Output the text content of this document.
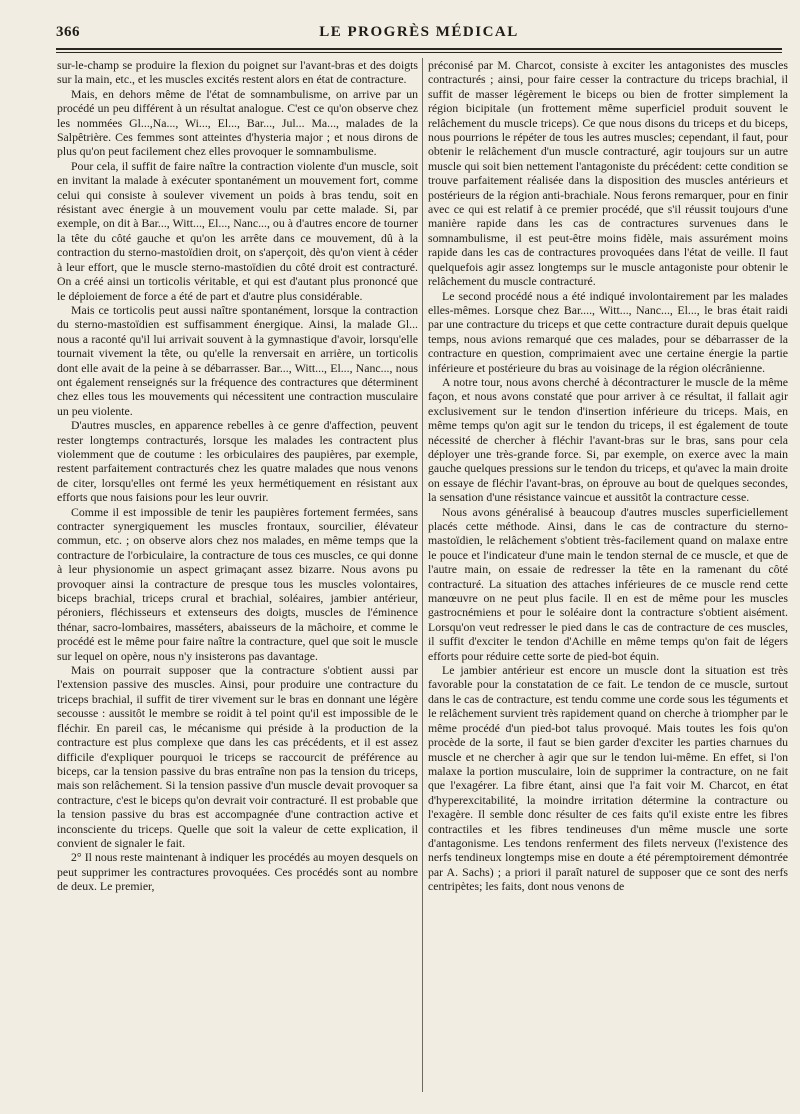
366	LE PROGRÈS MÉDICAL

sur-le-champ se produire la flexion du poignet sur l'avant-bras et des doigts sur la main, etc., et les muscles excités restent alors en état de contracture.

Mais, en dehors même de l'état de somnambulisme, on arrive par un procédé un peu différent à un résultat analogue. C'est ce qu'on observe chez les nommées Gl...,Na..., Wi..., El..., Bar..., Jul... Ma..., malades de la Salpêtrière. Ces femmes sont atteintes d'hysteria major ; et nous dirons de plus qu'on peut facilement chez elles provoquer le somnambulisme.

Pour cela, il suffit de faire naître la contraction violente d'un muscle, soit en invitant la malade à exécuter spontanément un mouvement fort, comme celui qui consiste à soulever vivement un poids à bras tendu, soit en résistant avec énergie à un mouvement voulu par cette malade. Si, par exemple, on dit à Bar..., Witt..., El..., Nanc..., ou à d'autres encore de tourner la tête du côté gauche et qu'on les arrête dans ce mouvement, dû à la contraction du sterno-mastoïdien droit, on s'aperçoit, dès qu'on vient à céder à leur effort, que le muscle sterno-mastoïdien du côté droit est contracturé. On a créé ainsi un torticolis véritable, et qui est d'autant plus prononcé que le déploiement de force a été de part et d'autre plus considérable.

Mais ce torticolis peut aussi naître spontanément, lorsque la contraction du sterno-mastoïdien est suffisamment énergique. Ainsi, la malade Gl... nous a raconté qu'il lui arrivait souvent à la gymnastique d'avoir, lorsqu'elle tournait vivement la tête, ou qu'elle la renversait en arrière, un torticolis dont elle avait de la peine à se débarrasser. Bar..., Witt..., El..., Nanc..., nous ont également renseignés sur la fréquence des contractures que déterminent chez elles tous les mouvements qui nécessitent une contraction musculaire un peu violente.

D'autres muscles, en apparence rebelles à ce genre d'affection, peuvent rester longtemps contracturés, lorsque les malades les contractent plus violemment que de coutume : les orbiculaires des paupières, par exemple, restent parfaitement contracturés chez les quatre malades que nous venons de citer, lorsqu'elles ont fermé les yeux hermétiquement en résistant aux efforts que nous faisions pour les leur ouvrir.

Comme il est impossible de tenir les paupières fortement fermées, sans contracter synergiquement les muscles frontaux, sourcilier, élévateur commun, etc. ; on observe alors chez nos malades, en même temps que la contracture de l'orbiculaire, la contracture de tous ces muscles, ce qui donne à leur physionomie un aspect grimaçant assez bizarre. Nous avons pu provoquer ainsi la contracture de presque tous les muscles volontaires, biceps brachial, triceps crural et brachial, soléaires, jambier antérieur, péroniers, fléchisseurs et extenseurs des doigts, muscles de l'éminence thénar, sacro-lombaires, masséters, abaisseurs de la mâchoire, et comme le procédé est le même pour faire naître la contracture, quel que soit le muscle sur lequel on opère, nous n'y insisterons pas davantage.

Mais on pourrait supposer que la contracture s'obtient aussi par l'extension passive des muscles. Ainsi, pour produire une contracture du triceps brachial, il suffit de tirer vivement sur le bras en donnant une légère secousse : aussitôt le membre se roidit à tel point qu'il est impossible de le fléchir. En pareil cas, le mécanisme qui préside à la production de la contracture est plus complexe que dans les cas précédents, et il est assez difficile d'expliquer pourquoi le triceps se raccourcit de préférence au biceps, car la tension passive du bras entraîne non pas la tension du triceps, mais son relâchement. Si la tension passive d'un muscle devait provoquer sa contracture, c'est le biceps qu'on devrait voir contracturé. Il est probable que la tension passive du bras est accompagnée d'une contraction active et inconsciente du triceps. Quelle que soit la valeur de cette explication, il convient de signaler le fait.

2° Il nous reste maintenant à indiquer les procédés au moyen desquels on peut supprimer les contractures provoquées. Ces procédés sont au nombre de deux. Le premier,

préconisé par M. Charcot, consiste à exciter les antagonistes des muscles contracturés ; ainsi, pour faire cesser la contracture du triceps brachial, il suffit de masser légèrement le biceps ou bien de frotter simplement la région bicipitale (un frottement même superficiel produit souvent le relâchement du muscle triceps). Ce que nous disons du triceps et du biceps, nous pourrions le répéter de tous les autres muscles; cependant, il faut, pour obtenir le relâchement d'un muscle contracturé, agir toujours sur un autre muscle qui soit bien nettement l'antagoniste du précédent: cette condition se trouve parfaitement réalisée dans la disposition des muscles antérieurs et postérieurs de la région anti-brachiale. Nous ferons remarquer, pour en finir avec ce qui est relatif à ce premier procédé, que s'il réussit toujours d'une manière rapide dans les cas de contractures survenues dans le somnambulisme, il est peut-être moins fidèle, mais assurément moins rapide dans les cas de contractures provoquées dans l'état de veille. Il faut quelquefois agir assez longtemps sur le muscle antagoniste pour obtenir le relâchement du muscle contracturé.

Le second procédé nous a été indiqué involontairement par les malades elles-mêmes. Lorsque chez Bar...., Witt..., Nanc..., El..., le bras était raidi par une contracture du triceps et que cette contracture durait depuis quelque temps, nous avions remarqué que ces malades, pour se débarrasser de la contracture en question, comprimaient avec une certaine énergie la partie inférieure et postérieure du bras au voisinage de la région olécrânienne.

A notre tour, nous avons cherché à décontracturer le muscle de la même façon, et nous avons constaté que pour arriver à ce résultat, il fallait agir exclusivement sur le tendon d'insertion inférieure du triceps. Mais, en même temps qu'on agit sur le tendon du triceps, il est également de toute nécessité de chercher à fléchir l'avant-bras sur le bras, sans pour cela déployer une très-grande force. Si, par exemple, on exerce avec la main gauche quelques pressions sur le tendon du triceps, et qu'avec la main droite on essaye de fléchir l'avant-bras, on éprouve au bout de quelques secondes, la sensation d'une résistance vaincue et aussitôt la contracture cesse.

Nous avons généralisé à beaucoup d'autres muscles superficiellement placés cette méthode. Ainsi, dans le cas de contracture du sterno-mastoïdien, le relâchement s'obtient très-facilement quand on malaxe entre le pouce et l'indicateur d'une main le tendon sternal de ce muscle, et que de l'autre main, on essaie de redresser la tête en la ramenant du côté contracturé. La situation des attaches inférieures de ce muscle rend cette manœuvre on ne peut plus facile. Il en est de même pour les muscles gastrocnémiens et pour le soléaire dont la contracture s'obtient aisément. Lorsqu'on veut redresser le pied dans le cas de contracture de ces muscles, il suffit d'exciter le tendon d'Achille en même temps qu'on fait de légers efforts pour réduire cette sorte de pied-bot équin.

Le jambier antérieur est encore un muscle dont la situation est très favorable pour la constatation de ce fait. Le tendon de ce muscle, surtout dans le cas de contracture, est tendu comme une corde sous les téguments et le relâchement survient très rapidement quand on cherche à triompher par le même procédé d'un pied-bot talus provoqué. Mais toutes les fois qu'on procède de la sorte, il faut se bien garder d'exciter les parties charnues du muscle et ne chercher à agir que sur le tendon lui-même. En effet, si l'on malaxe la portion musculaire, loin de supprimer la contracture, on ne fait que l'exagérer. La fibre étant, ainsi que l'a fait voir M. Charcot, en état d'hyperexcitabilité, la moindre irritation détermine la contracture ou l'exagère. Il semble donc résulter de ces faits qu'il existe entre les fibres contractiles et les fibres tendineuses d'un même muscle une sorte d'antagonisme. Les tendons renferment des filets nerveux (l'existence des nerfs tendineux longtemps mise en doute a été péremptoirement démontrée par A. Sachs) ; a priori il paraît naturel de supposer que ce sont des nerfs centripètes; les faits, dont nous venons de
